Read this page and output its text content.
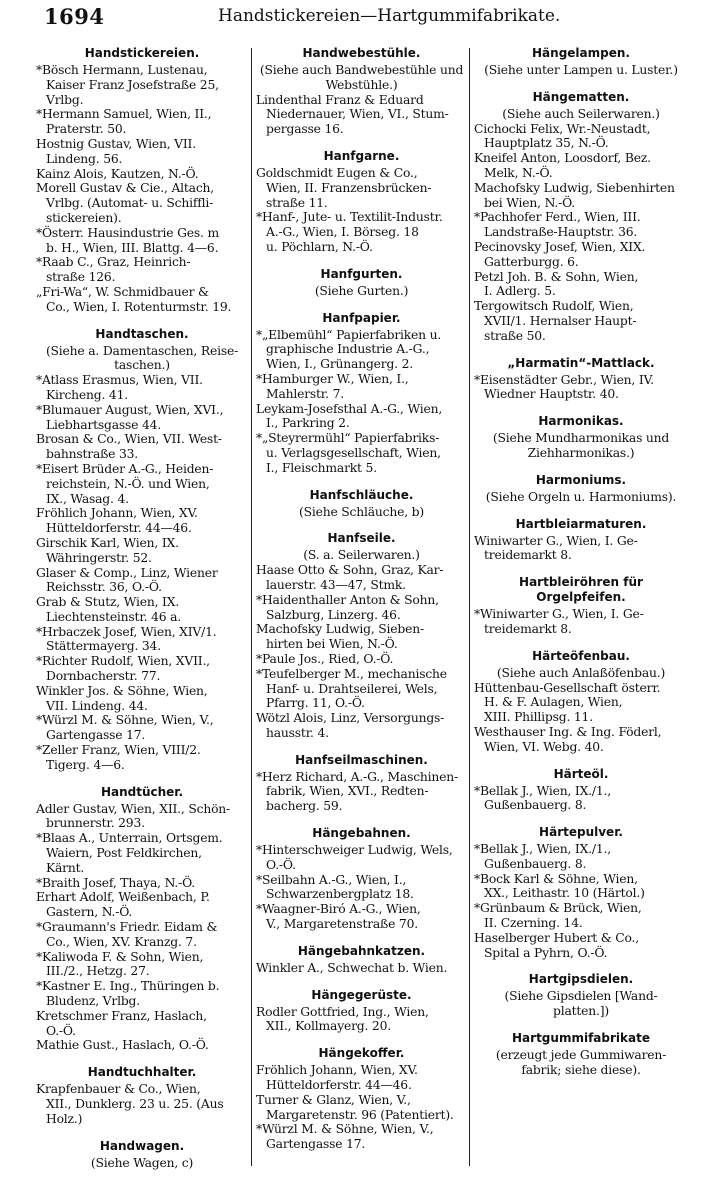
1694	Handstickereien—Hartgummifabrikate.
Handstickereien.
*Bösch Hermann, Lustenau,
Kaiser Franz Josefstraße 25,
Vrlbg.
*Hermann Samuel, Wien, II.,
Praterstr. 50.
Hostnig Gustav, Wien, VII.
Lindeng. 56.
Kainz Alois, Kautzen, N.-Ö.
Morell Gustav & Cie., Altach,
Vrlbg. (Automat- u. Schiffli-
stickereien).
*Österr. Hausindustrie Ges. m
b. H., Wien, III. Blattg. 4—6.
*Raab C., Graz, Heinrich-
straße 126.
„Fri-Wa“, W. Schmidbauer &
Co., Wien, I. Rotenturmstr. 19.
Handtaschen.
(Siehe a. Damentaschen, Reise-
taschen.)
*Atlass Erasmus, Wien, VII.
Kircheng. 41.
*Blumauer August, Wien, XVI.,
Liebhartsgasse 44.
Brosan & Co., Wien, VII. West-
bahnstraße 33.
*Eisert Brüder A.-G., Heiden-
reichstein, N.-Ö. und Wien,
IX., Wasag. 4.
Fröhlich Johann, Wien, XV.
Hütteldorferstr. 44—46.
Girschik Karl, Wien, IX.
Währingerstr. 52.
Glaser & Comp., Linz, Wiener
Reichsstr. 36, O.-Ö.
Grab & Stutz, Wien, IX.
Liechtensteinstr. 46 a.
*Hrbaczek Josef, Wien, XIV/1.
Stättermayerg. 34.
*Richter Rudolf, Wien, XVII.,
Dornbacherstr. 77.
Winkler Jos. & Söhne, Wien,
VII. Lindeng. 44.
*Würzl M. & Söhne, Wien, V.,
Gartengasse 17.
*Zeller Franz, Wien, VIII/2.
Tigerg. 4—6.
Handtücher.
Adler Gustav, Wien, XII., Schön-
brunnerstr. 293.
*Blaas A., Unterrain, Ortsgem.
Waiern, Post Feldkirchen,
Kärnt.
*Braith Josef, Thaya, N.-Ö.
Erhart Adolf, Weißenbach, P.
Gastern, N.-Ö.
*Graumann's Friedr. Eidam &
Co., Wien, XV. Kranzg. 7.
*Kaliwoda F. & Sohn, Wien,
III./2., Hetzg. 27.
*Kastner E. Ing., Thüringen b.
Bludenz, Vrlbg.
Kretschmer Franz, Haslach,
O.-Ö.
Mathie Gust., Haslach, O.-Ö.
Handtuchhalter.
Krapfenbauer & Co., Wien,
XII., Dunklerg. 23 u. 25. (Aus
Holz.)
Handwagen.
(Siehe Wagen, c)
Handwebestühle.
(Siehe auch Bandwebestühle und
Webstühle.)
Lindenthal Franz & Eduard
Niedernauer, Wien, VI., Stum-
pergasse 16.
Hanfgarne.
Goldschmidt Eugen & Co.,
Wien, II. Franzensbrücken-
straße 11.
*Hanf-, Jute- u. Textilit-Industr.
A.-G., Wien, I. Börseg. 18
u. Pöchlarn, N.-Ö.
Hanfgurten.
(Siehe Gurten.)
Hanfpapier.
*„Elbemühl“ Papierfabriken u.
graphische Industrie A.-G.,
Wien, I., Grünangerg. 2.
*Hamburger W., Wien, I.,
Mahlerstr. 7.
Leykam-Josefsthal A.-G., Wien,
I., Parkring 2.
*„Steyrermühl“ Papierfabriks-
u. Verlagsgesellschaft, Wien,
I., Fleischmarkt 5.
Hanfschläuche.
(Siehe Schläuche, b)
Hanfseile.
(S. a. Seilerwaren.)
Haase Otto & Sohn, Graz, Kar-
lauerstr. 43—47, Stmk.
*Haidenthaller Anton & Sohn,
Salzburg, Linzerg. 46.
Machofsky Ludwig, Sieben-
hirten bei Wien, N.-Ö.
*Paule Jos., Ried, O.-Ö.
*Teufelberger M., mechanische
Hanf- u. Drahtseilerei, Wels,
Pfarrg. 11, O.-Ö.
Wötzl Alois, Linz, Versorgungs-
hausstr. 4.
Hanfseilmaschinen.
*Herz Richard, A.-G., Maschinen-
fabrik, Wien, XVI., Redten-
bacherg. 59.
Hängebahnen.
*Hinterschweiger Ludwig, Wels,
O.-Ö.
*Seilbahn A.-G., Wien, I.,
Schwarzenbergplatz 18.
*Waagner-Biró A.-G., Wien,
V., Margaretenstraße 70.
Hängebahnkatzen.
Winkler A., Schwechat b. Wien.
Hängegerüste.
Rodler Gottfried, Ing., Wien,
XII., Kollmayerg. 20.
Hängekoffer.
Fröhlich Johann, Wien, XV.
Hütteldorferstr. 44—46.
Turner & Glanz, Wien, V.,
Margaretenstr. 96 (Patentiert).
*Würzl M. & Söhne, Wien, V.,
Gartengasse 17.
Hängelampen.
(Siehe unter Lampen u. Luster.)
Hängematten.
(Siehe auch Seilerwaren.)
Cichocki Felix, Wr.-Neustadt,
Hauptplatz 35, N.-Ö.
Kneifel Anton, Loosdorf, Bez.
Melk, N.-Ö.
Machofsky Ludwig, Siebenhirten
bei Wien, N.-Ö.
*Pachhofer Ferd., Wien, III.
Landstraße-Hauptstr. 36.
Pecinovsky Josef, Wien, XIX.
Gatterburgg. 6.
Petzl Joh. B. & Sohn, Wien,
I. Adlerg. 5.
Tergowitsch Rudolf, Wien,
XVII/1. Hernalser Haupt-
straße 50.
„Harmatin“-Mattlack.
*Eisenstädter Gebr., Wien, IV.
Wiedner Hauptstr. 40.
Harmonikas.
(Siehe Mundharmonikas und
Ziehharmonikas.)
Harmoniums.
(Siehe Orgeln u. Harmoniums).
Hartbleiarmaturen.
Winiwarter G., Wien, I. Ge-
treidemarkt 8.
Hartbleiröhren für Orgelpfeifen.
*Winiwarter G., Wien, I. Ge-
treidemarkt 8.
Härteöfenbau.
(Siehe auch Anlaßöfenbau.)
Hüttenbau-Gesellschaft österr.
H. & F. Aulagen, Wien,
XIII. Phillipsg. 11.
Westhauser Ing. & Ing. Föderl,
Wien, VI. Webg. 40.
Härteöl.
*Bellak J., Wien, IX./1.,
Gußenbauerg. 8.
Härtepulver.
*Bellak J., Wien, IX./1.,
Gußenbauerg. 8.
*Bock Karl & Söhne, Wien,
XX., Leithastr. 10 (Härtol.)
*Grünbaum & Brück, Wien,
II. Czerning. 14.
Haselberger Hubert & Co.,
Spital a Pyhrn, O.-Ö.
Hartgipsdielen.
(Siehe Gipsdielen [Wand-
platten.])
Hartgummifabrikate
(erzeugt jede Gummiwaren-
fabrik; siehe diese).
